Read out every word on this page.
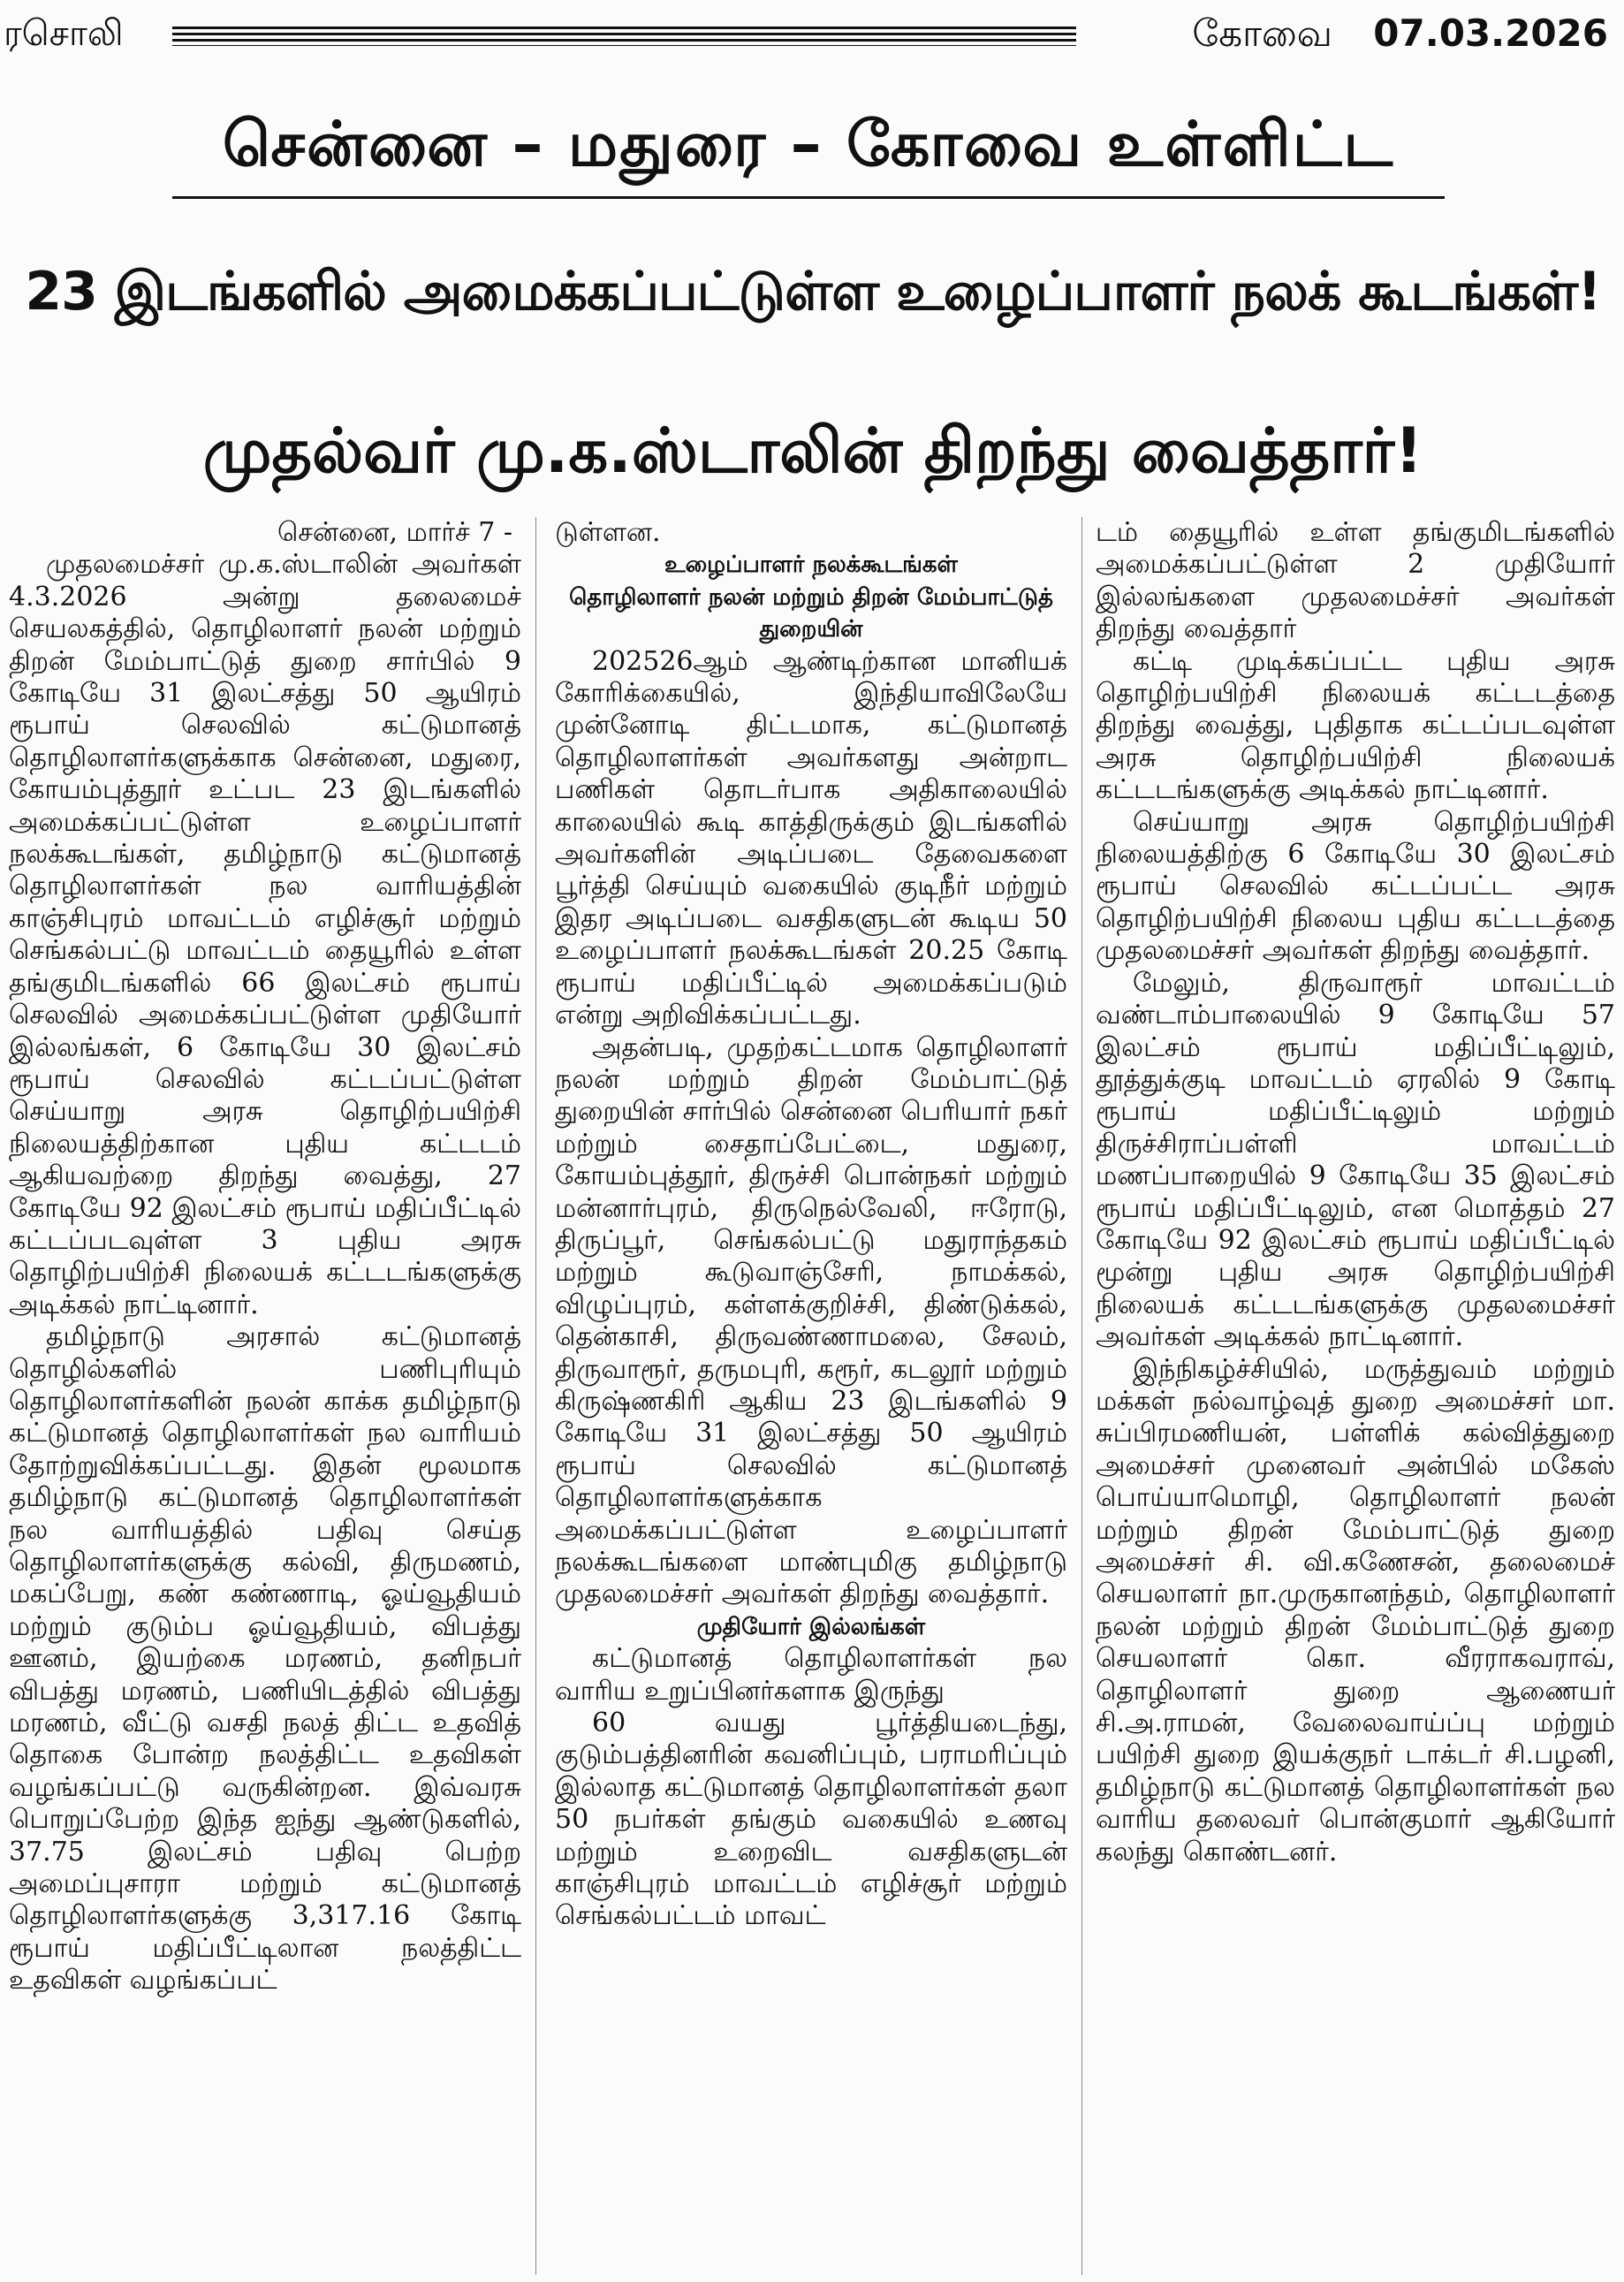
ரசொலி	கோவை 07.03.2026
சென்னை – மதுரை – கோவை உள்ளிட்ட
23 இடங்களில் அமைக்கப்பட்டுள்ள உழைப்பாளர் நலக் கூடங்கள்!
முதல்வர் மு.க.ஸ்டாலின் திறந்து வைத்தார்!

சென்னை, மார்ச் 7 -

முதலமைச்சர் மு.க.ஸ்டாலின் அவர்கள் 4.3.2026 அன்று தலைமைச் செயலகத்தில், தொழிலாளர் நலன் மற்றும் திறன் மேம்பாட்டுத் துறை சார்பில் 9 கோடியே 31 இலட்சத்து 50 ஆயிரம் ரூபாய் செலவில் கட்டுமானத் தொழிலாளர்களுக்காக சென்னை, மதுரை, கோயம்புத்தூர் உட்பட 23 இடங்களில் அமைக்கப்பட்டுள்ள உழைப்பாளர் நலக்கூடங்கள், தமிழ்நாடு கட்டுமானத் தொழிலாளர்கள் நல வாரியத்தின் காஞ்சிபுரம் மாவட்டம் எழிச்சூர் மற்றும் செங்கல்பட்டு மாவட்டம் தையூரில் உள்ள தங்குமிடங்களில் 66 இலட்சம் ரூபாய் செலவில் அமைக்கப்பட்டுள்ள முதியோர் இல்லங்கள், 6 கோடியே 30 இலட்சம் ரூபாய் செலவில் கட்டப்பட்டுள்ள செய்யாறு அரசு தொழிற்பயிற்சி நிலையத்திற்கான புதிய கட்டடம் ஆகியவற்றை திறந்து வைத்து, 27 கோடியே 92 இலட்சம் ரூபாய் மதிப்பீட்டில் கட்டப்படவுள்ள 3 புதிய அரசு தொழிற்பயிற்சி நிலையக் கட்டடங்களுக்கு அடிக்கல் நாட்டினார்.

தமிழ்நாடு அரசால் கட்டுமானத் தொழில்களில் பணிபுரியும் தொழிலாளர்களின் நலன் காக்க தமிழ்நாடு கட்டுமானத் தொழிலாளர்கள் நல வாரியம் தோற்றுவிக்கப்பட்டது. இதன் மூலமாக தமிழ்நாடு கட்டுமானத் தொழிலாளர்கள் நல வாரியத்தில் பதிவு செய்த தொழிலாளர்களுக்கு கல்வி, திருமணம், மகப்பேறு, கண் கண்ணாடி, ஓய்வூதியம் மற்றும் குடும்ப ஓய்வூதியம், விபத்து ஊனம், இயற்கை மரணம், தனிநபர் விபத்து மரணம், பணியிடத்தில் விபத்து மரணம், வீட்டு வசதி நலத் திட்ட உதவித் தொகை போன்ற நலத்திட்ட உதவிகள் வழங்கப்பட்டு வருகின்றன. இவ்வரசு பொறுப்பேற்ற இந்த ஐந்து ஆண்டுகளில், 37.75 இலட்சம் பதிவு பெற்ற அமைப்புசாரா மற்றும் கட்டுமானத் தொழிலாளர்களுக்கு 3,317.16 கோடி ரூபாய் மதிப்பீட்டிலான நலத்திட்ட உதவிகள் வழங்கப்பட்

டுள்ளன.

உழைப்பாளர் நலக்கூடங்கள்

தொழிலாளர் நலன் மற்றும் திறன் மேம்பாட்டுத் துறையின்

202526ஆம் ஆண்டிற்கான மானியக் கோரிக்கையில், இந்தியாவிலேயே முன்னோடி திட்டமாக, கட்டுமானத் தொழிலாளர்கள் அவர்களது அன்றாட பணிகள் தொடர்பாக அதிகாலையில் காலையில் கூடி காத்திருக்கும் இடங்களில் அவர்களின் அடிப்படை தேவைகளை பூர்த்தி செய்யும் வகையில் குடிநீர் மற்றும் இதர அடிப்படை வசதிகளுடன் கூடிய 50 உழைப்பாளர் நலக்கூடங்கள் 20.25 கோடி ரூபாய் மதிப்பீட்டில் அமைக்கப்படும் என்று அறிவிக்கப்பட்டது.

அதன்படி, முதற்கட்டமாக தொழிலாளர் நலன் மற்றும் திறன் மேம்பாட்டுத் துறையின் சார்பில் சென்னை பெரியார் நகர் மற்றும் சைதாப்பேட்டை, மதுரை, கோயம்புத்தூர், திருச்சி பொன்நகர் மற்றும் மன்னார்புரம், திருநெல்வேலி, ஈரோடு, திருப்பூர், செங்கல்பட்டு மதுராந்தகம் மற்றும் கூடுவாஞ்சேரி, நாமக்கல், விழுப்புரம், கள்ளக்குறிச்சி, திண்டுக்கல், தென்காசி, திருவண்ணாமலை, சேலம், திருவாரூர், தருமபுரி, கரூர், கடலூர் மற்றும் கிருஷ்ணகிரி ஆகிய 23 இடங்களில் 9 கோடியே 31 இலட்சத்து 50 ஆயிரம் ரூபாய் செலவில் கட்டுமானத் தொழிலாளர்களுக்காக அமைக்கப்பட்டுள்ள உழைப்பாளர் நலக்கூடங்களை மாண்புமிகு தமிழ்நாடு முதலமைச்சர் அவர்கள் திறந்து வைத்தார்.

முதியோர் இல்லங்கள்

கட்டுமானத் தொழிலாளர்கள் நல வாரிய உறுப்பினர்களாக இருந்து

60 வயது பூர்த்தியடைந்து, குடும்பத்தினரின் கவனிப்பும், பராமரிப்பும் இல்லாத கட்டுமானத் தொழிலாளர்கள் தலா 50 நபர்கள் தங்கும் வகையில் உணவு மற்றும் உறைவிட வசதிகளுடன் காஞ்சிபுரம் மாவட்டம் எழிச்சூர் மற்றும் செங்கல்பட்டம் மாவட்

டம் தையூரில் உள்ள தங்குமிடங்களில் அமைக்கப்பட்டுள்ள 2 முதியோர் இல்லங்களை முதலமைச்சர் அவர்கள் திறந்து வைத்தார்

கட்டி முடிக்கப்பட்ட புதிய அரசு தொழிற்பயிற்சி நிலையக் கட்டடத்தை திறந்து வைத்து, புதிதாக கட்டப்படவுள்ள அரசு தொழிற்பயிற்சி நிலையக் கட்டடங்களுக்கு அடிக்கல் நாட்டினார்.

செய்யாறு அரசு தொழிற்பயிற்சி நிலையத்திற்கு 6 கோடியே 30 இலட்சம் ரூபாய் செலவில் கட்டப்பட்ட அரசு தொழிற்பயிற்சி நிலைய புதிய கட்டடத்தை முதலமைச்சர் அவர்கள் திறந்து வைத்தார்.

மேலும், திருவாரூர் மாவட்டம் வண்டாம்பாலையில் 9 கோடியே 57 இலட்சம் ரூபாய் மதிப்பீட்டிலும், தூத்துக்குடி மாவட்டம் ஏரலில் 9 கோடி ரூபாய் மதிப்பீட்டிலும் மற்றும் திருச்சிராப்பள்ளி மாவட்டம் மணப்பாறையில் 9 கோடியே 35 இலட்சம் ரூபாய் மதிப்பீட்டிலும், என மொத்தம் 27 கோடியே 92 இலட்சம் ரூபாய் மதிப்பீட்டில் மூன்று புதிய அரசு தொழிற்பயிற்சி நிலையக் கட்டடங்களுக்கு முதலமைச்சர் அவர்கள் அடிக்கல் நாட்டினார்.

இந்நிகழ்ச்சியில், மருத்துவம் மற்றும் மக்கள் நல்வாழ்வுத் துறை அமைச்சர் மா. சுப்பிரமணியன், பள்ளிக் கல்வித்துறை அமைச்சர் முனைவர் அன்பில் மகேஸ் பொய்யாமொழி, தொழிலாளர் நலன் மற்றும் திறன் மேம்பாட்டுத் துறை அமைச்சர் சி. வி.கணேசன், தலைமைச் செயலாளர் நா.முருகானந்தம், தொழிலாளர் நலன் மற்றும் திறன் மேம்பாட்டுத் துறை செயலாளர் கொ. வீரராகவராவ், தொழிலாளர் துறை ஆணையர் சி.அ.ராமன், வேலைவாய்ப்பு மற்றும் பயிற்சி துறை இயக்குநர் டாக்டர் சி.பழனி, தமிழ்நாடு கட்டுமானத் தொழிலாளர்கள் நல வாரிய தலைவர் பொன்குமார் ஆகியோர் கலந்து கொண்டனர்.
